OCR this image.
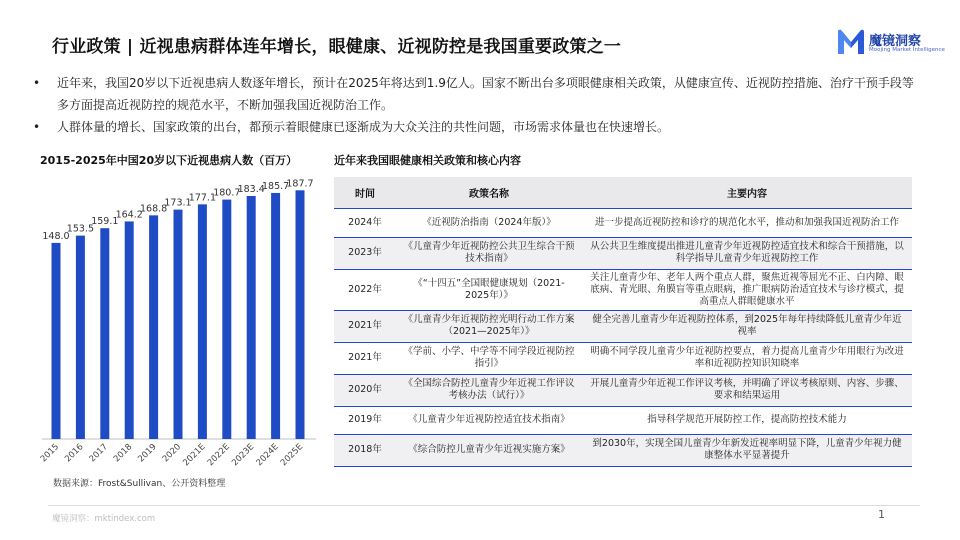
行业政策 | 近视患病群体连年增长，眼健康、近视防控是我国重要政策之一	魔镜洞察
Moojing Market Intelligence
• 近年来，我国20岁以下近视患病人数逐年增长，预计在2025年将达到1.9亿人。国家不断出台多项眼健康相关政策，从健康宣传、近视防控措施、治疗干预手段等多方面提高近视防控的规范水平，不断加强我国近视防治工作。
• 人群体量的增长、国家政策的出台，都预示着眼健康已逐渐成为大众关注的共性问题，市场需求体量也在快速增长。
2015-2025年中国20岁以下近视患病人数（百万）
148.0
2015
153.5
2016
159.1
2017
164.2
2018
168.8
2019
173.1
2020
177.1
2021E
180.7
2022E
183.4
2023E
185.7
2024E
187.7
2025E
数据来源：Frost&Sullivan、公开资料整理
近年来我国眼健康相关政策和核心内容
时间	政策名称	主要内容
2024年	《近视防治指南（2024年版）》	进一步提高近视防控和诊疗的规范化水平，推动和加强我国近视防治工作
2023年	《儿童青少年近视防控公共卫生综合干预技术指南》	从公共卫生维度提出推进儿童青少年近视防控适宜技术和综合干预措施，以科学指导儿童青少年近视防控工作
2022年	《“十四五”全国眼健康规划（2021-2025年）》	关注儿童青少年、老年人两个重点人群，聚焦近视等屈光不正、白内障、眼底病、青光眼、角膜盲等重点眼病，推广眼病防治适宜技术与诊疗模式，提高重点人群眼健康水平
2021年	《儿童青少年近视防控光明行动工作方案（2021—2025年）》	健全完善儿童青少年近视防控体系，到2025年每年持续降低儿童青少年近视率
2021年	《学前、小学、中学等不同学段近视防控指引》	明确不同学段儿童青少年近视防控要点，着力提高儿童青少年用眼行为改进率和近视防控知识知晓率
2020年	《全国综合防控儿童青少年近视工作评议考核办法（试行）》	开展儿童青少年近视工作评议考核，并明确了评议考核原则、内容、步骤、要求和结果运用
2019年	《儿童青少年近视防控适宜技术指南》	指导科学规范开展防控工作，提高防控技术能力
2018年	《综合防控儿童青少年近视实施方案》	到2030年，实现全国儿童青少年新发近视率明显下降，儿童青少年视力健康整体水平显著提升
魔镜洞察：mktindex.com	1
